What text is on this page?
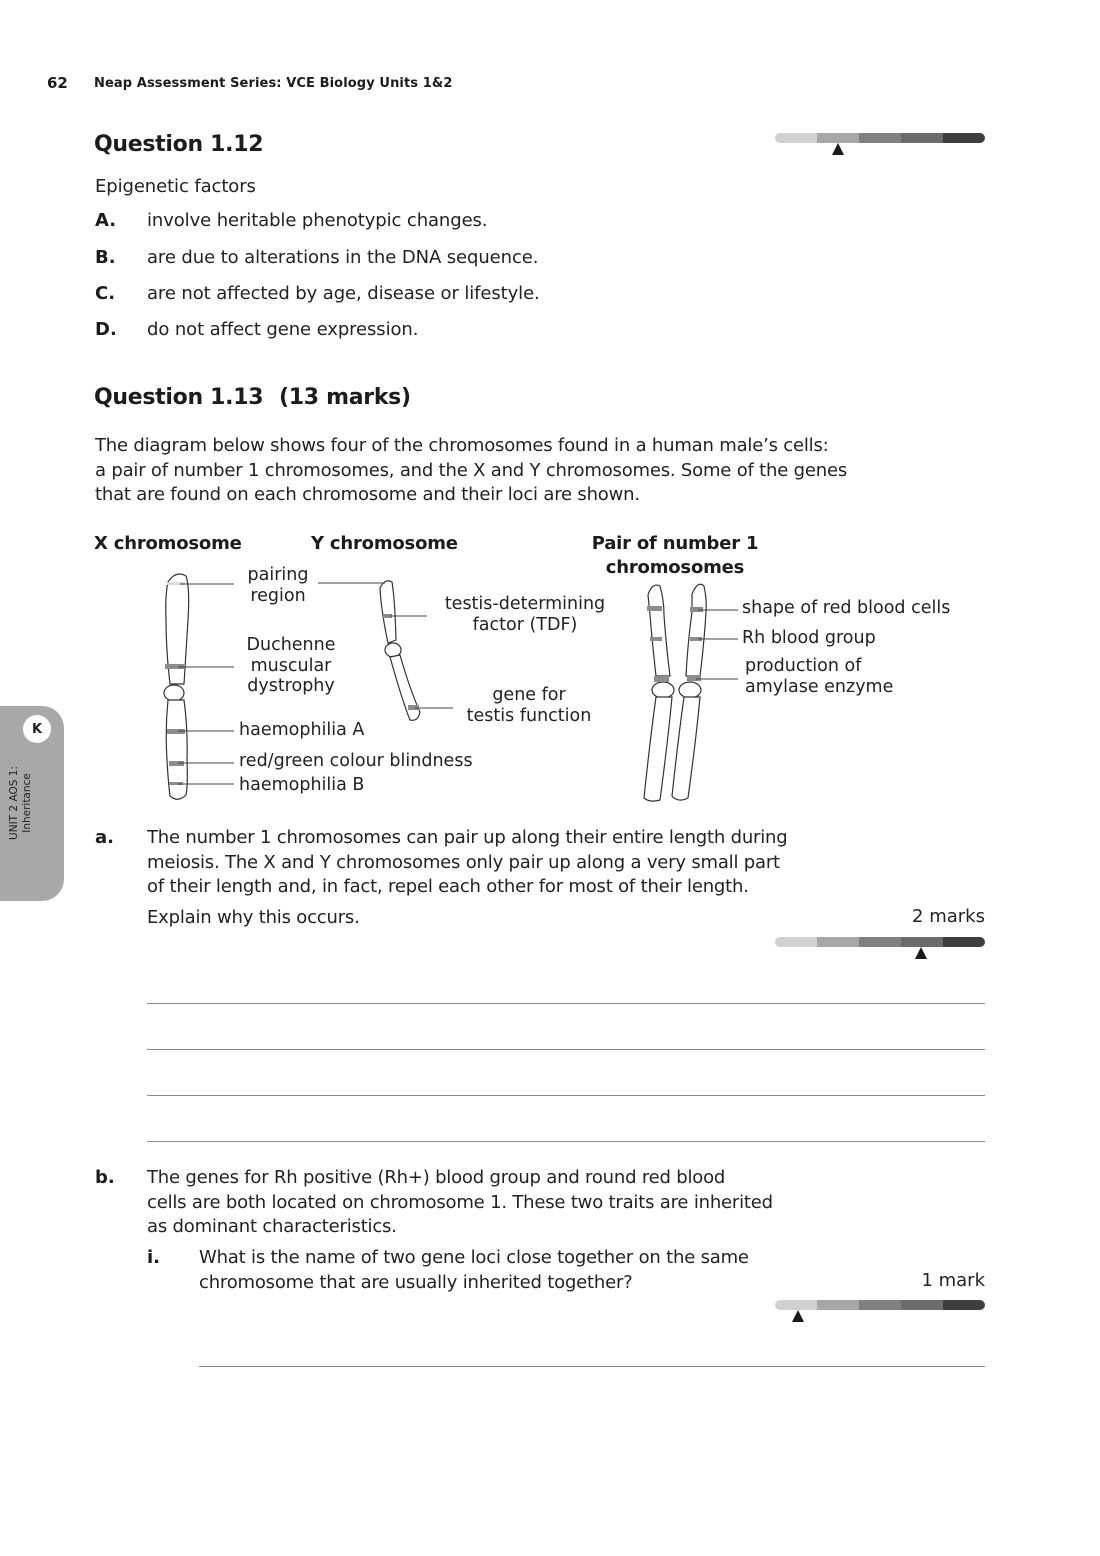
62 Neap Assessment Series: VCE Biology Units 1&2
K
UNIT 2 AOS 1: Inheritance
Question 1.12
Epigenetic factors
A. involve heritable phenotypic changes.
B. are due to alterations in the DNA sequence.
C. are not affected by age, disease or lifestyle.
D. do not affect gene expression.
Question 1.13 (13 marks)
The diagram below shows four of the chromosomes found in a human male’s cells:
a pair of number 1 chromosomes, and the X and Y chromosomes. Some of the genes
that are found on each chromosome and their loci are shown.
X chromosome	Y chromosome	Pair of number 1
chromosomes
pairing
region
Duchenne
muscular
dystrophy
haemophilia A
red/green colour blindness
haemophilia B
testis-determining
factor (TDF)
gene for
testis function
shape of red blood cells
Rh blood group
production of
amylase enzyme
a. The number 1 chromosomes can pair up along their entire length during
meiosis. The X and Y chromosomes only pair up along a very small part
of their length and, in fact, repel each other for most of their length.
Explain why this occurs.	2 marks
b. The genes for Rh positive (Rh+) blood group and round red blood
cells are both located on chromosome 1. These two traits are inherited
as dominant characteristics.
i. What is the name of two gene loci close together on the same
chromosome that are usually inherited together?	1 mark
